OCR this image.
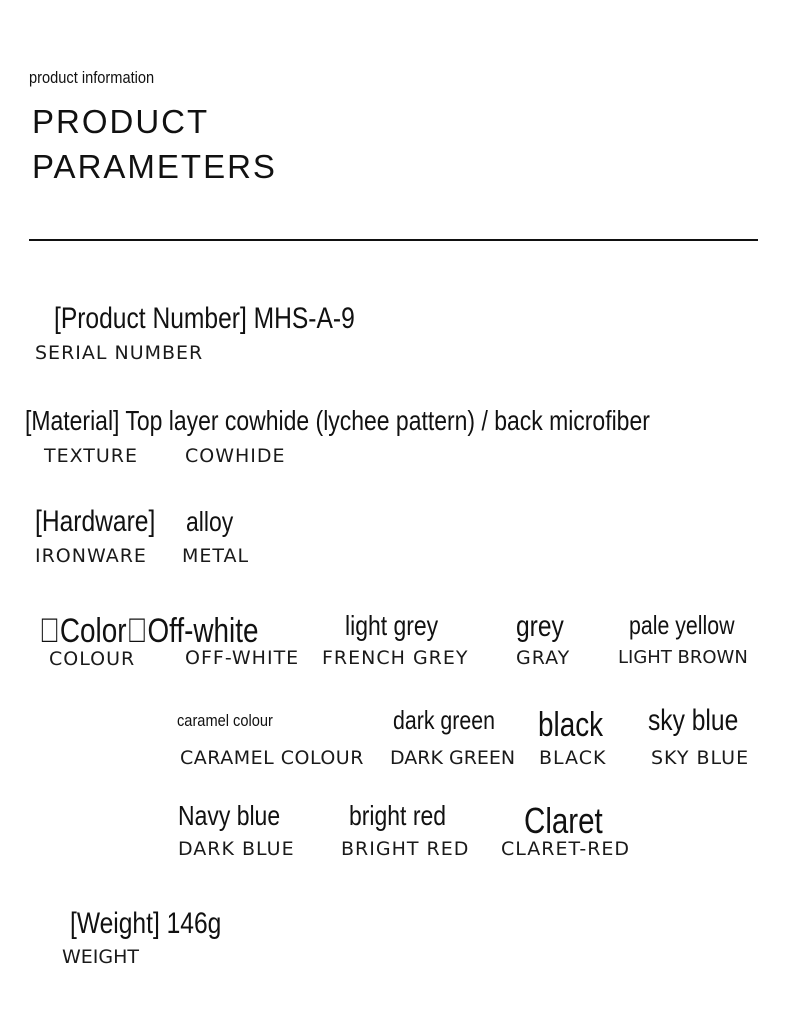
product information
PRODUCT
PARAMETERS
[Product Number] MHS-A-9
SERIAL NUMBER
[Material] Top layer cowhide (lychee pattern) / back microfiber
TEXTURE COWHIDE
[Hardware] alloy
IRONWARE METAL
 Color Off-white
COLOUR	OFF-WHITE
light grey
FRENCH GREY
grey
GRAY
pale yellow
LIGHT BROWN
caramel colour
CARAMEL COLOUR
dark green
DARK GREEN
black
BLACK
sky blue
SKY BLUE
Navy blue
DARK BLUE
bright red
BRIGHT RED
Claret
CLARET-RED
[Weight] 146g
WEIGHT
